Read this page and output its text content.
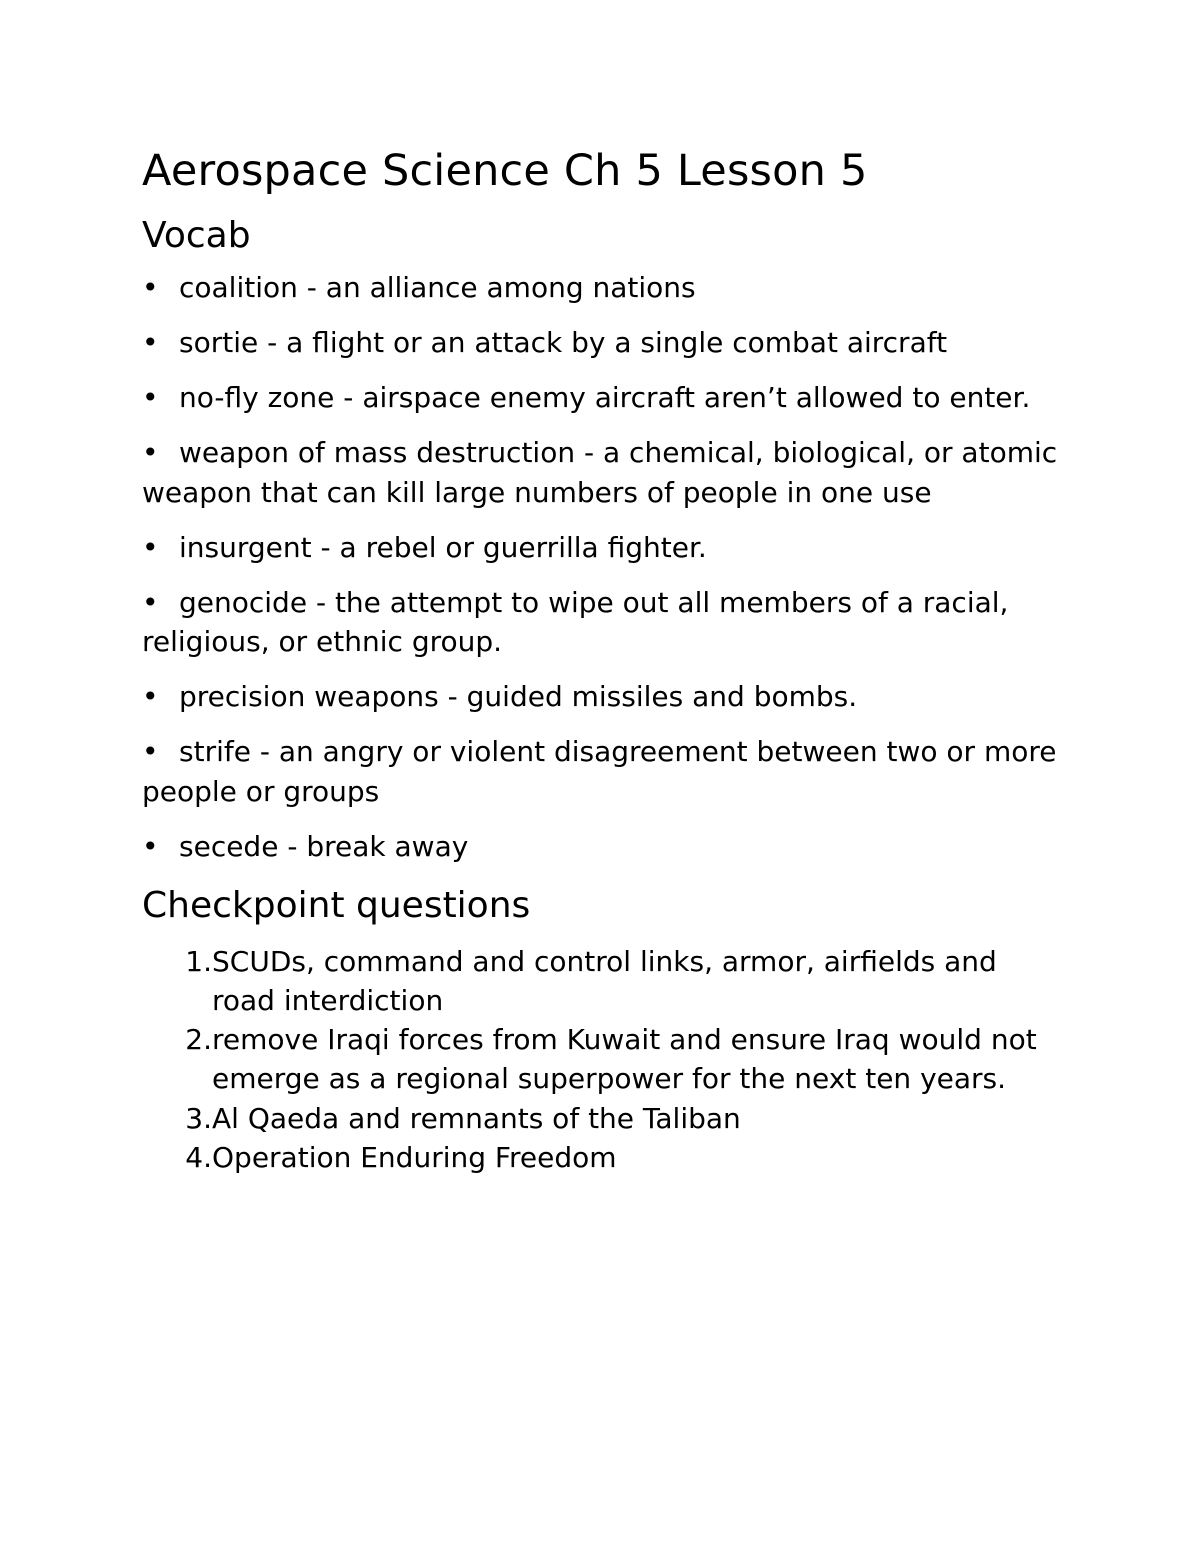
Aerospace Science Ch 5 Lesson 5
Vocab
• coalition - an alliance among nations
• sortie - a flight or an attack by a single combat aircraft
• no-fly zone - airspace enemy aircraft aren’t allowed to enter.
• weapon of mass destruction - a chemical, biological, or atomic weapon that can kill large numbers of people in one use
• insurgent - a rebel or guerrilla fighter.
• genocide - the attempt to wipe out all members of a racial, religious, or ethnic group.
• precision weapons - guided missiles and bombs.
• strife - an angry or violent disagreement between two or more people or groups
• secede - break away
Checkpoint questions
1. SCUDs, command and control links, armor, airfields and road interdiction
2. remove Iraqi forces from Kuwait and ensure Iraq would not emerge as a regional superpower for the next ten years.
3. Al Qaeda and remnants of the Taliban
4. Operation Enduring Freedom
